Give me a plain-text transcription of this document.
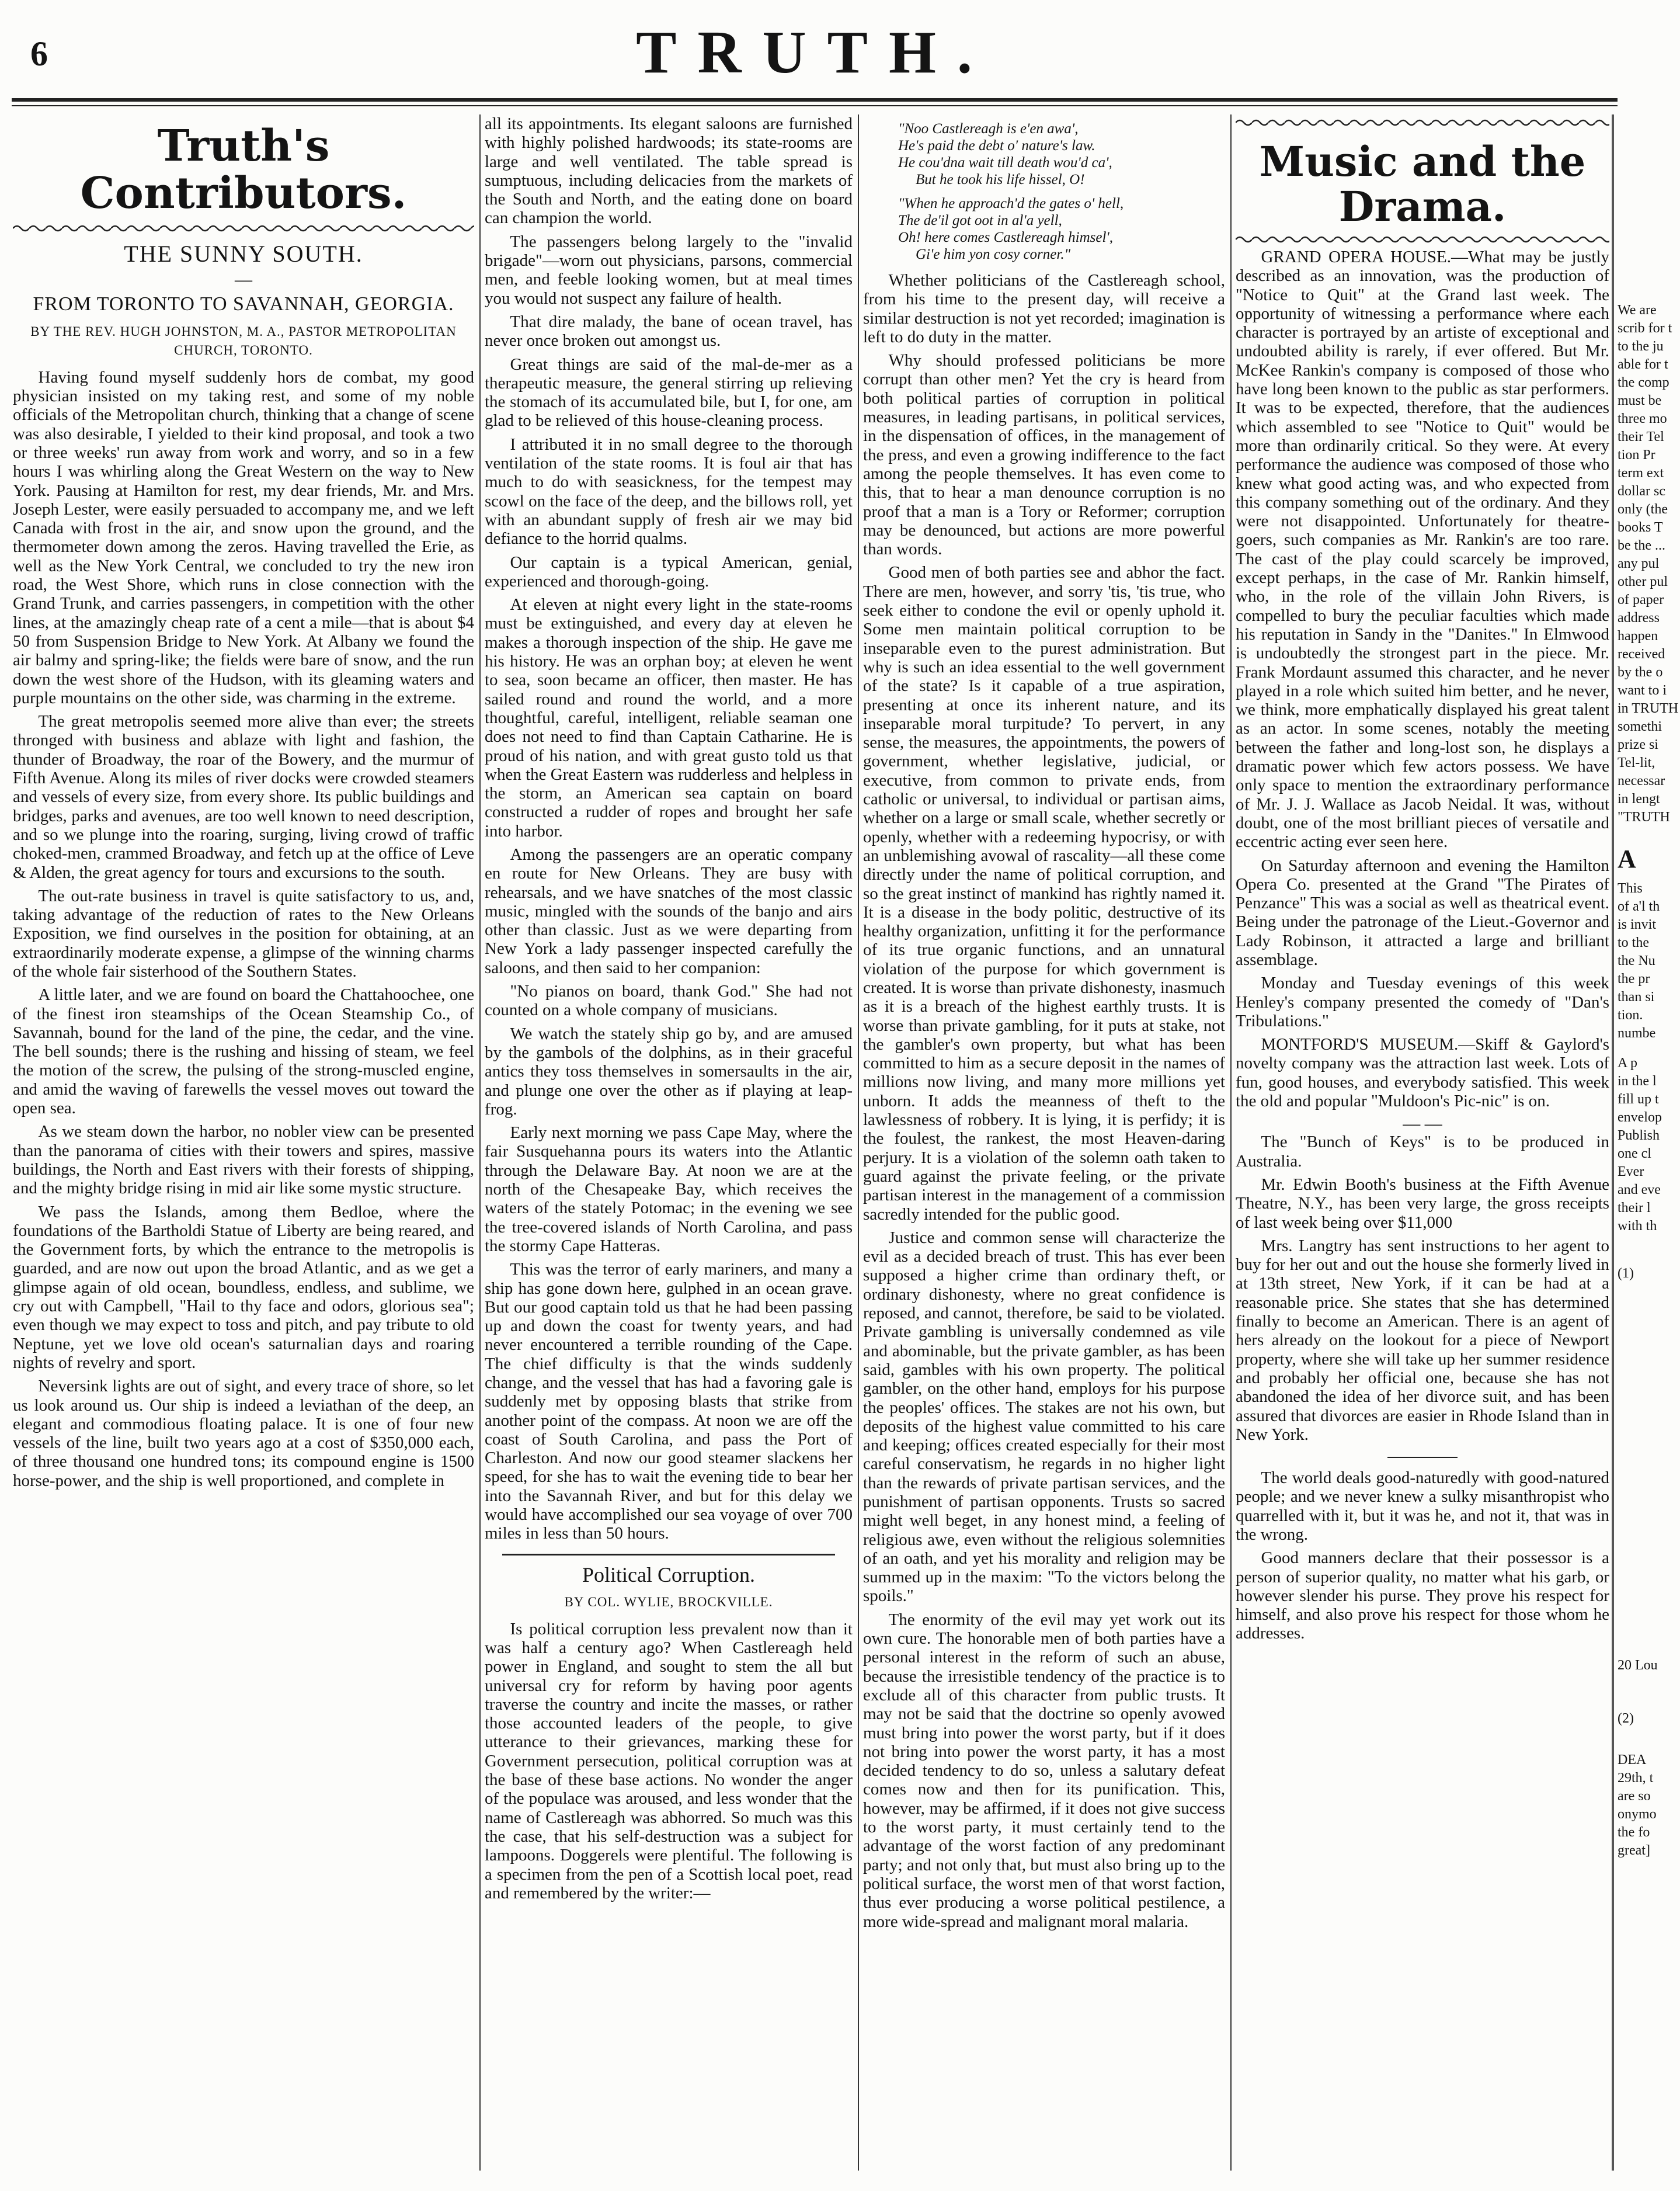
6	TRUTH.
Truth's Contributors.
THE SUNNY SOUTH.
—
FROM TORONTO TO SAVANNAH, GEORGIA.
BY THE REV. HUGH JOHNSTON, M. A., PASTOR METROPOLITAN CHURCH, TORONTO.

Having found myself suddenly hors de combat, my good physician insisted on my taking rest, and some of my noble officials of the Metropolitan church, thinking that a change of scene was also desirable, I yielded to their kind proposal, and took a two or three weeks' run away from work and worry, and so in a few hours I was whirling along the Great Western on the way to New York. Pausing at Hamilton for rest, my dear friends, Mr. and Mrs. Joseph Lester, were easily persuaded to accompany me, and we left Canada with frost in the air, and snow upon the ground, and the thermometer down among the zeros. Having travelled the Erie, as well as the New York Central, we concluded to try the new iron road, the West Shore, which runs in close connection with the Grand Trunk, and carries passengers, in competition with the other lines, at the amazingly cheap rate of a cent a mile—that is about $4 50 from Suspension Bridge to New York. At Albany we found the air balmy and spring-like; the fields were bare of snow, and the run down the west shore of the Hudson, with its gleaming waters and purple mountains on the other side, was charming in the extreme.

The great metropolis seemed more alive than ever; the streets thronged with business and ablaze with light and fashion, the thunder of Broadway, the roar of the Bowery, and the murmur of Fifth Avenue. Along its miles of river docks were crowded steamers and vessels of every size, from every shore. Its public buildings and bridges, parks and avenues, are too well known to need description, and so we plunge into the roaring, surging, living crowd of traffic choked-men, crammed Broadway, and fetch up at the office of Leve & Alden, the great agency for tours and excursions to the south.

The out-rate business in travel is quite satisfactory to us, and, taking advantage of the reduction of rates to the New Orleans Exposition, we find ourselves in the position for obtaining, at an extraordinarily moderate expense, a glimpse of the winning charms of the whole fair sisterhood of the Southern States.

A little later, and we are found on board the Chattahoochee, one of the finest iron steamships of the Ocean Steamship Co., of Savannah, bound for the land of the pine, the cedar, and the vine. The bell sounds; there is the rushing and hissing of steam, we feel the motion of the screw, the pulsing of the strong-muscled engine, and amid the waving of farewells the vessel moves out toward the open sea.

As we steam down the harbor, no nobler view can be presented than the panorama of cities with their towers and spires, massive buildings, the North and East rivers with their forests of shipping, and the mighty bridge rising in mid air like some mystic structure.

We pass the Islands, among them Bedloe, where the foundations of the Bartholdi Statue of Liberty are being reared, and the Government forts, by which the entrance to the metropolis is guarded, and are now out upon the broad Atlantic, and as we get a glimpse again of old ocean, boundless, endless, and sublime, we cry out with Campbell, "Hail to thy face and odors, glorious sea"; even though we may expect to toss and pitch, and pay tribute to old Neptune, yet we love old ocean's saturnalian days and roaring nights of revelry and sport.

Neversink lights are out of sight, and every trace of shore, so let us look around us. Our ship is indeed a leviathan of the deep, an elegant and commodious floating palace. It is one of four new vessels of the line, built two years ago at a cost of $350,000 each, of three thousand one hundred tons; its compound engine is 1500 horse-power, and the ship is well proportioned, and complete in

all its appointments. Its elegant saloons are furnished with highly polished hardwoods; its state-rooms are large and well ventilated. The table spread is sumptuous, including delicacies from the markets of the South and North, and the eating done on board can champion the world.

The passengers belong largely to the "invalid brigade"—worn out physicians, parsons, commercial men, and feeble looking women, but at meal times you would not suspect any failure of health.

That dire malady, the bane of ocean travel, has never once broken out amongst us.

Great things are said of the mal-de-mer as a therapeutic measure, the general stirring up relieving the stomach of its accumulated bile, but I, for one, am glad to be relieved of this house-cleaning process.

I attributed it in no small degree to the thorough ventilation of the state rooms. It is foul air that has much to do with seasickness, for the tempest may scowl on the face of the deep, and the billows roll, yet with an abundant supply of fresh air we may bid defiance to the horrid qualms.

Our captain is a typical American, genial, experienced and thorough-going.

At eleven at night every light in the state-rooms must be extinguished, and every day at eleven he makes a thorough inspection of the ship. He gave me his history. He was an orphan boy; at eleven he went to sea, soon became an officer, then master. He has sailed round and round the world, and a more thoughtful, careful, intelligent, reliable seaman one does not need to find than Captain Catharine. He is proud of his nation, and with great gusto told us that when the Great Eastern was rudderless and helpless in the storm, an American sea captain on board constructed a rudder of ropes and brought her safe into harbor.

Among the passengers are an operatic company en route for New Orleans. They are busy with rehearsals, and we have snatches of the most classic music, mingled with the sounds of the banjo and airs other than classic. Just as we were departing from New York a lady passenger inspected carefully the saloons, and then said to her companion:

"No pianos on board, thank God." She had not counted on a whole company of musicians.

We watch the stately ship go by, and are amused by the gambols of the dolphins, as in their graceful antics they toss themselves in somersaults in the air, and plunge one over the other as if playing at leap-frog.

Early next morning we pass Cape May, where the fair Susquehanna pours its waters into the Atlantic through the Delaware Bay. At noon we are at the north of the Chesapeake Bay, which receives the waters of the stately Potomac; in the evening we see the tree-covered islands of North Carolina, and pass the stormy Cape Hatteras.

This was the terror of early mariners, and many a ship has gone down here, gulphed in an ocean grave. But our good captain told us that he had been passing up and down the coast for twenty years, and had never encountered a terrible rounding of the Cape. The chief difficulty is that the winds suddenly change, and the vessel that has had a favoring gale is suddenly met by opposing blasts that strike from another point of the compass. At noon we are off the coast of South Carolina, and pass the Port of Charleston. And now our good steamer slackens her speed, for she has to wait the evening tide to bear her into the Savannah River, and but for this delay we would have accomplished our sea voyage of over 700 miles in less than 50 hours.

Political Corruption.
BY COL. WYLIE, BROCKVILLE.

Is political corruption less prevalent now than it was half a century ago? When Castlereagh held power in England, and sought to stem the all but universal cry for reform by having poor agents traverse the country and incite the masses, or rather those accounted leaders of the people, to give utterance to their grievances, marking these for Government persecution, political corruption was at the base of these base actions. No wonder the anger of the populace was aroused, and less wonder that the name of Castlereagh was abhorred. So much was this the case, that his self-destruction was a subject for lampoons. Doggerels were plentiful. The following is a specimen from the pen of a Scottish local poet, read and remembered by the writer:—

"Noo Castlereagh is e'en awa',
He's paid the debt o' nature's law.
He cou'dna wait till death wou'd ca',
But he took his life hissel, O!
"When he approach'd the gates o' hell,
The de'il got oot in al'a yell,
Oh! here comes Castlereagh himsel',
Gi'e him yon cosy corner."

Whether politicians of the Castlereagh school, from his time to the present day, will receive a similar destruction is not yet recorded; imagination is left to do duty in the matter.

Why should professed politicians be more corrupt than other men? Yet the cry is heard from both political parties of corruption in political measures, in leading partisans, in political services, in the dispensation of offices, in the management of the press, and even a growing indifference to the fact among the people themselves. It has even come to this, that to hear a man denounce corruption is no proof that a man is a Tory or Reformer; corruption may be denounced, but actions are more powerful than words.

Good men of both parties see and abhor the fact. There are men, however, and sorry 'tis, 'tis true, who seek either to condone the evil or openly uphold it. Some men maintain political corruption to be inseparable even to the purest administration. But why is such an idea essential to the well government of the state? Is it capable of a true aspiration, presenting at once its inherent nature, and its inseparable moral turpitude? To pervert, in any sense, the measures, the appointments, the powers of government, whether legislative, judicial, or executive, from common to private ends, from catholic or universal, to individual or partisan aims, whether on a large or small scale, whether secretly or openly, whether with a redeeming hypocrisy, or with an unblemishing avowal of rascality—all these come directly under the name of political corruption, and so the great instinct of mankind has rightly named it. It is a disease in the body politic, destructive of its healthy organization, unfitting it for the performance of its true organic functions, and an unnatural violation of the purpose for which government is created. It is worse than private dishonesty, inasmuch as it is a breach of the highest earthly trusts. It is worse than private gambling, for it puts at stake, not the gambler's own property, but what has been committed to him as a secure deposit in the names of millions now living, and many more millions yet unborn. It adds the meanness of theft to the lawlessness of robbery. It is lying, it is perfidy; it is the foulest, the rankest, the most Heaven-daring perjury. It is a violation of the solemn oath taken to guard against the private feeling, or the private partisan interest in the management of a commission sacredly intended for the public good.

Justice and common sense will characterize the evil as a decided breach of trust. This has ever been supposed a higher crime than ordinary theft, or ordinary dishonesty, where no great confidence is reposed, and cannot, therefore, be said to be violated. Private gambling is universally condemned as vile and abominable, but the private gambler, as has been said, gambles with his own property. The political gambler, on the other hand, employs for his purpose the peoples' offices. The stakes are not his own, but deposits of the highest value committed to his care and keeping; offices created especially for their most careful conservatism, he regards in no higher light than the rewards of private partisan services, and the punishment of partisan opponents. Trusts so sacred might well beget, in any honest mind, a feeling of religious awe, even without the religious solemnities of an oath, and yet his morality and religion may be summed up in the maxim: "To the victors belong the spoils."

The enormity of the evil may yet work out its own cure. The honorable men of both parties have a personal interest in the reform of such an abuse, because the irresistible tendency of the practice is to exclude all of this character from public trusts. It may not be said that the doctrine so openly avowed must bring into power the worst party, but if it does not bring into power the worst party, it has a most decided tendency to do so, unless a salutary defeat comes now and then for its punification. This, however, may be affirmed, if it does not give success to the worst party, it must certainly tend to the advantage of the worst faction of any predominant party; and not only that, but must also bring up to the political surface, the worst men of that worst faction, thus ever producing a worse political pestilence, a more wide-spread and malignant moral malaria.

Music and the Drama.

GRAND OPERA HOUSE.—What may be justly described as an innovation, was the production of "Notice to Quit" at the Grand last week. The opportunity of witnessing a performance where each character is portrayed by an artiste of exceptional and undoubted ability is rarely, if ever offered. But Mr. McKee Rankin's company is composed of those who have long been known to the public as star performers. It was to be expected, therefore, that the audiences which assembled to see "Notice to Quit" would be more than ordinarily critical. So they were. At every performance the audience was composed of those who knew what good acting was, and who expected from this company something out of the ordinary. And they were not disappointed. Unfortunately for theatre-goers, such companies as Mr. Rankin's are too rare. The cast of the play could scarcely be improved, except perhaps, in the case of Mr. Rankin himself, who, in the role of the villain John Rivers, is compelled to bury the peculiar faculties which made his reputation in Sandy in the "Danites." In Elmwood is undoubtedly the strongest part in the piece. Mr. Frank Mordaunt assumed this character, and he never played in a role which suited him better, and he never, we think, more emphatically displayed his great talent as an actor. In some scenes, notably the meeting between the father and long-lost son, he displays a dramatic power which few actors possess. We have only space to mention the extraordinary performance of Mr. J. J. Wallace as Jacob Neidal. It was, without doubt, one of the most brilliant pieces of versatile and eccentric acting ever seen here.

On Saturday afternoon and evening the Hamilton Opera Co. presented at the Grand "The Pirates of Penzance" This was a social as well as theatrical event. Being under the patronage of the Lieut.-Governor and Lady Robinson, it attracted a large and brilliant assemblage.

Monday and Tuesday evenings of this week Henley's company presented the comedy of "Dan's Tribulations."

MONTFORD'S MUSEUM.—Skiff & Gaylord's novelty company was the attraction last week. Lots of fun, good houses, and everybody satisfied. This week the old and popular "Muldoon's Pic-nic" is on.

— —

The "Bunch of Keys" is to be produced in Australia.

Mr. Edwin Booth's business at the Fifth Avenue Theatre, N.Y., has been very large, the gross receipts of last week being over $11,000

Mrs. Langtry has sent instructions to her agent to buy for her out and out the house she formerly lived in at 13th street, New York, if it can be had at a reasonable price. She states that she has determined finally to become an American. There is an agent of hers already on the lookout for a piece of Newport property, where she will take up her summer residence and probably her official one, because she has not abandoned the idea of her divorce suit, and has been assured that divorces are easier in Rhode Island than in New York.

The world deals good-naturedly with good-natured people; and we never knew a sulky misanthropist who quarrelled with it, but it was he, and not it, that was in the wrong.

Good manners declare that their possessor is a person of superior quality, no matter what his garb, or however slender his purse. They prove his respect for himself, and also prove his respect for those whom he addresses.

We are
scrib for t
to the ju
able for t
the comp
must be
three mo
their Tel
tion Pr
term ext
dollar sc
only (the
books T
be the ...
any pul
other pul
of paper
address
happen
received
by the o
want to i
in TRUTH
somethi
prize si
Tel-lit,
necessar
in lengt
"TRUTH
A
This
of a'l th
is invit
to the
the Nu
the pr
than si
tion.
numbe
A p
in the l
fill up t
envelop
Publish
one cl
Ever
and eve
their l
with th
(1)
20 Lou
(2)
DEA
29th, t
are so
onymo
the fo
great]
